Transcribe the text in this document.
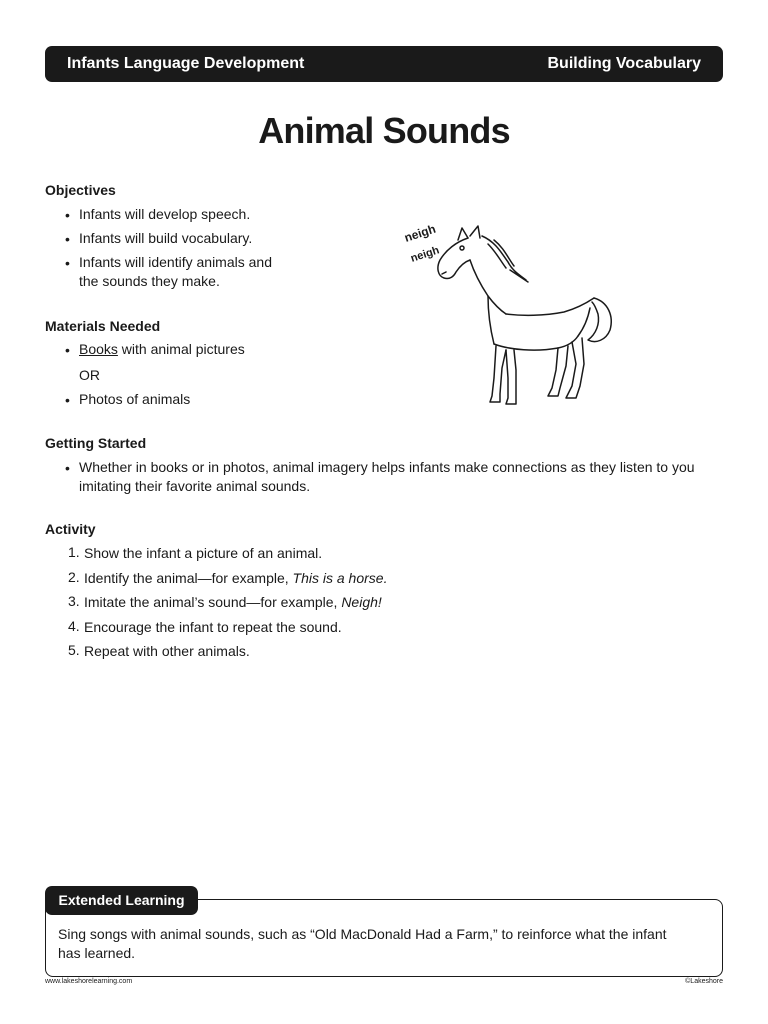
Infants Language Development	Building Vocabulary
Animal Sounds
Objectives
• Infants will develop speech.
• Infants will build vocabulary.
• Infants will identify animals and
the sounds they make.
neigh
neigh
Materials Needed
• Books with animal pictures
OR
• Photos of animals
Getting Started
• Whether in books or in photos, animal imagery helps infants make connections as they listen to you
imitating their favorite animal sounds.
Activity
1. Show the infant a picture of an animal.
2. Identify the animal—for example, This is a horse.
3. Imitate the animal’s sound—for example, Neigh!
4. Encourage the infant to repeat the sound.
5. Repeat with other animals.
Extended Learning
Sing songs with animal sounds, such as “Old MacDonald Had a Farm,” to reinforce what the infant
has learned.
www.lakeshorelearning.com	©Lakeshore
